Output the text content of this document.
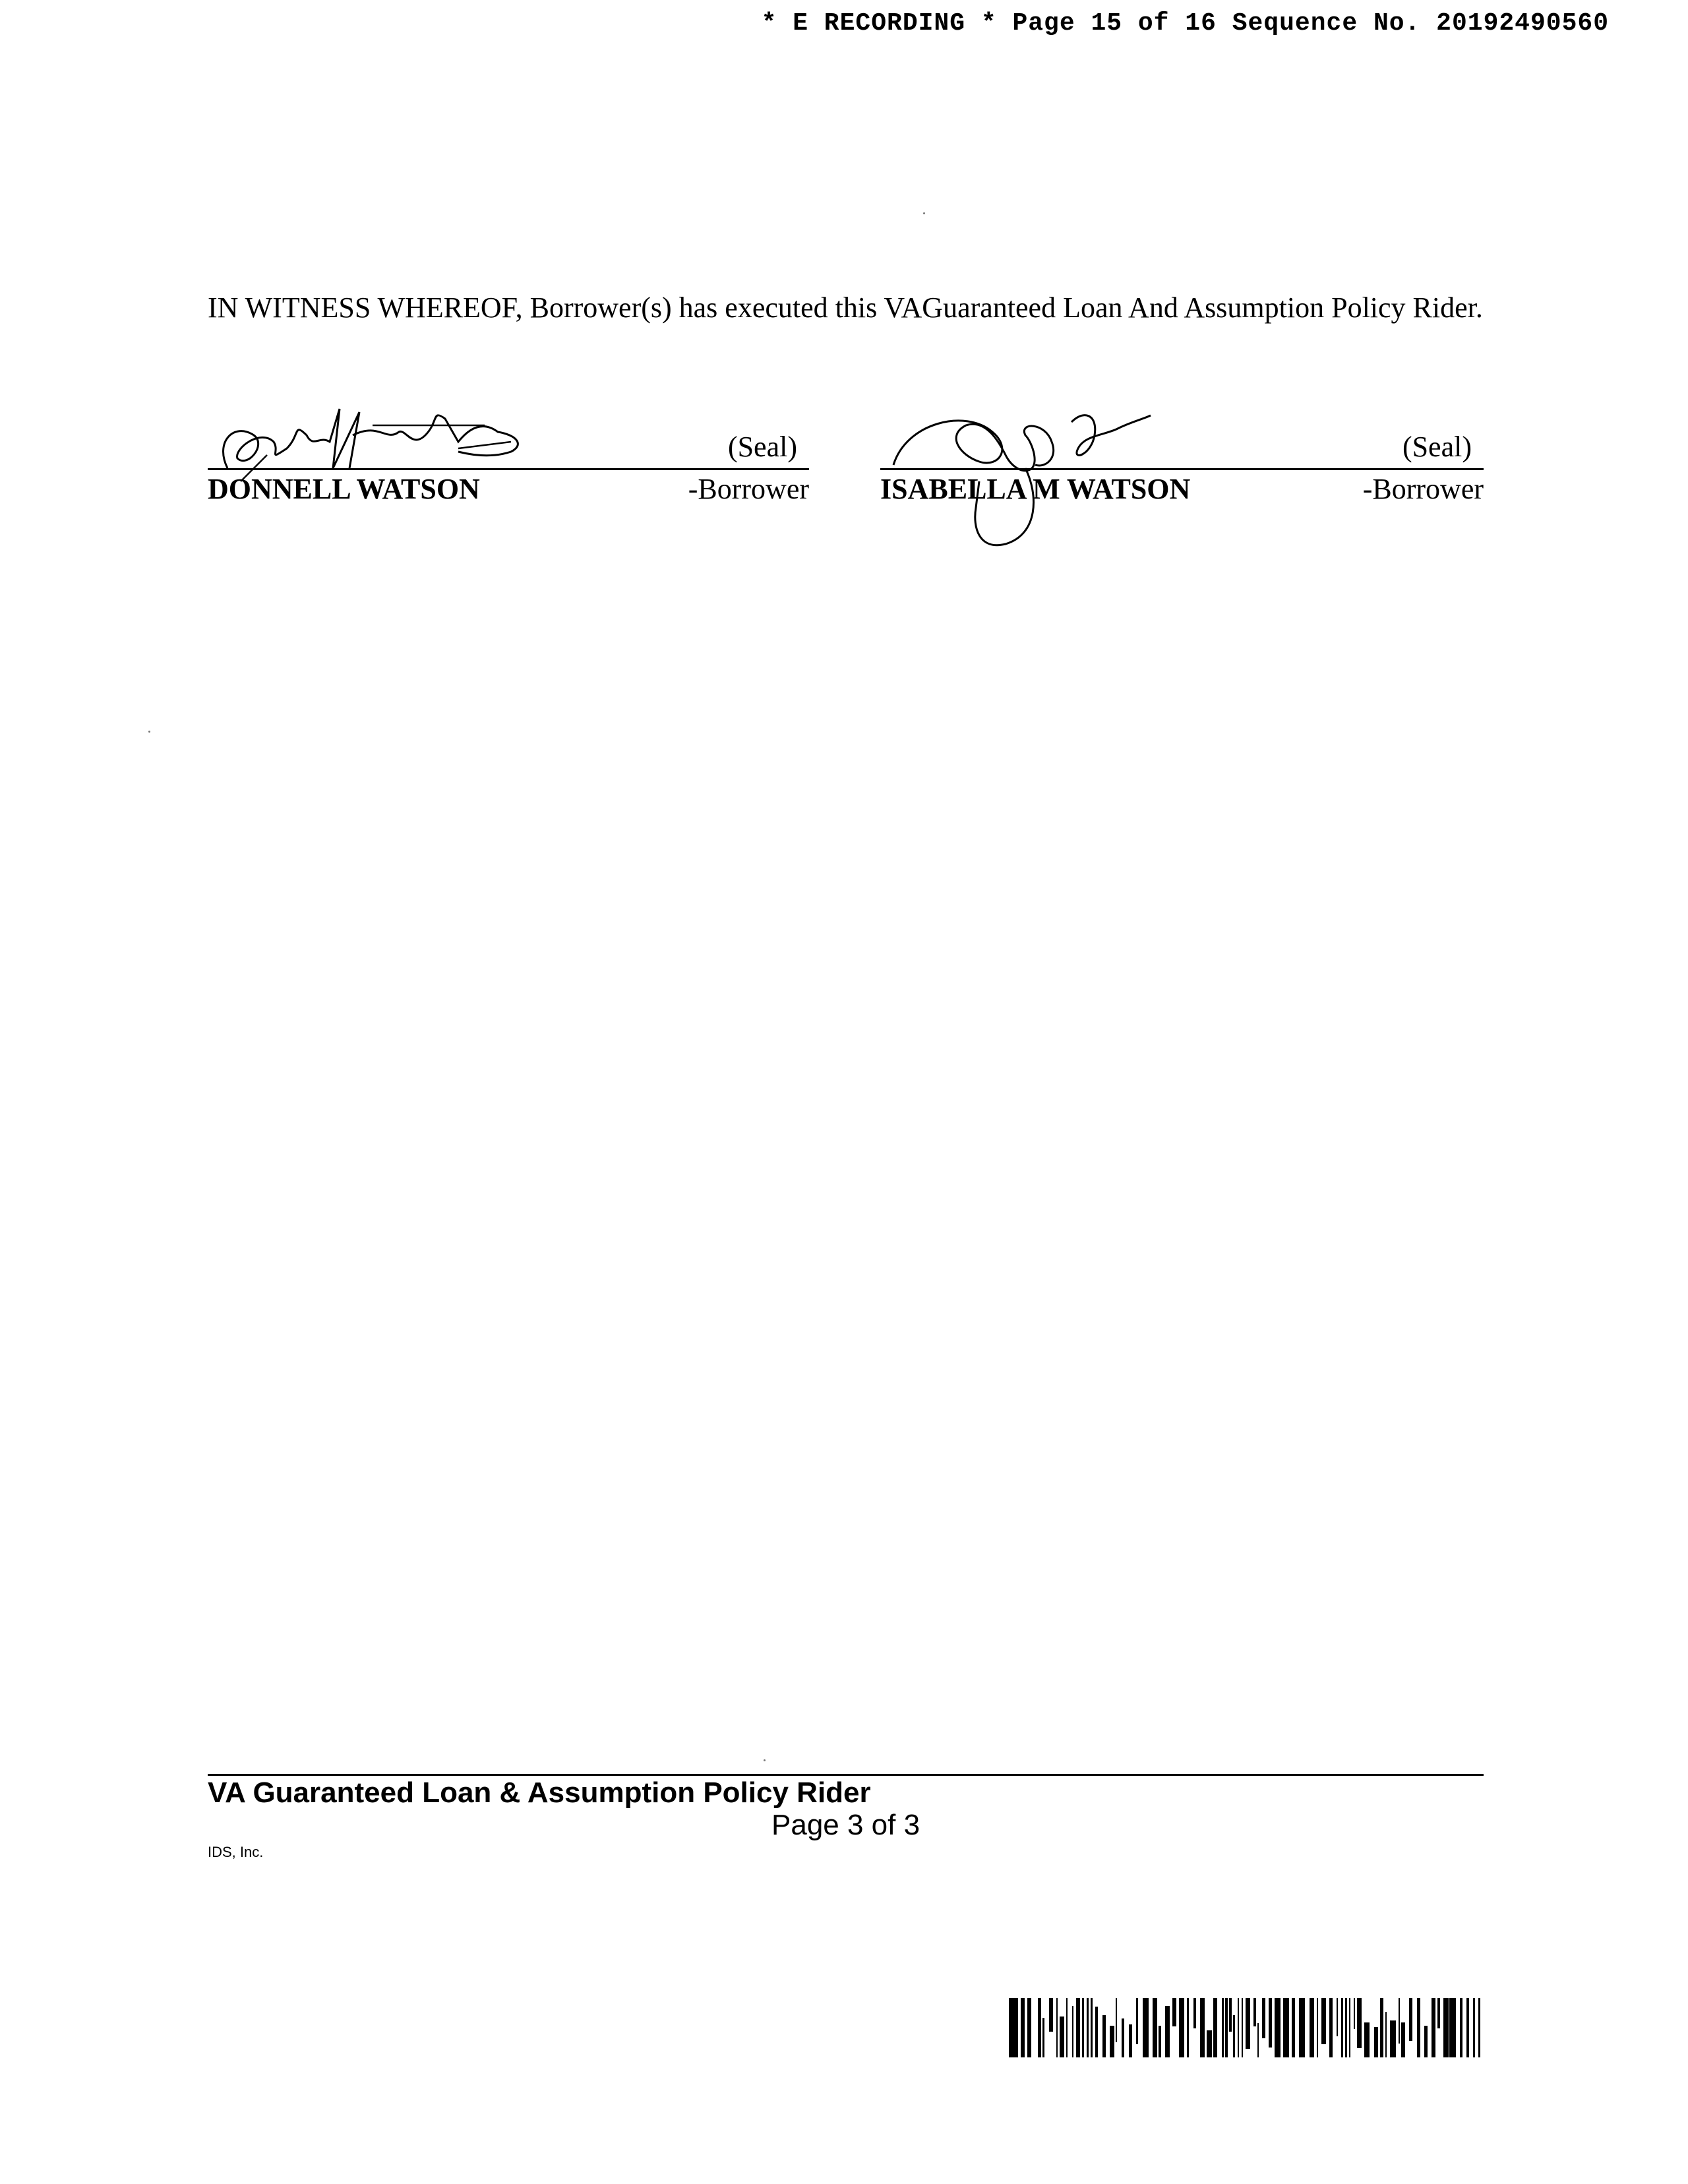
* E RECORDING * Page 15 of 16 Sequence No. 20192490560
IN WITNESS WHEREOF, Borrower(s) has executed this VAGuaranteed Loan And Assumption Policy Rider.
(Seal)
DONNELL WATSON	-Borrower
(Seal)
ISABELLA M WATSON	-Borrower
VA Guaranteed Loan & Assumption Policy Rider
Page 3 of 3
IDS, Inc.
